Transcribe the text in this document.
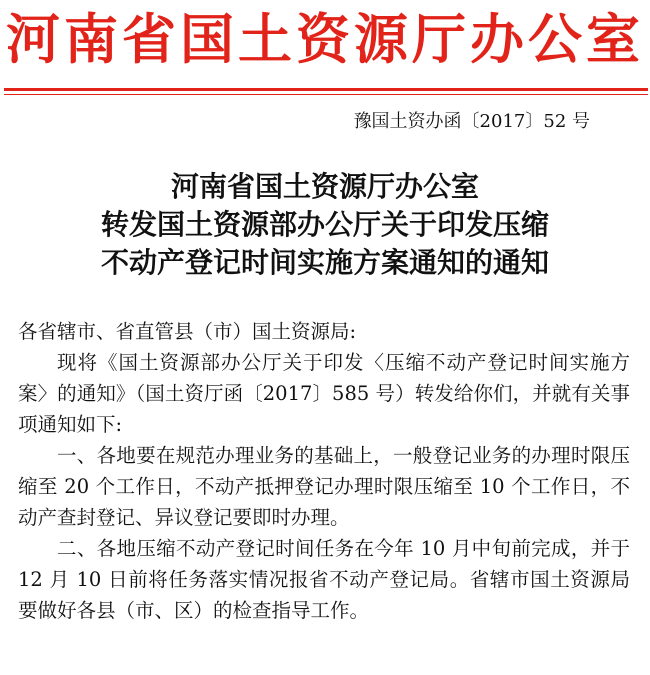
河南省国土资源厅办公室
豫国土资办函〔2017〕52 号
河南省国土资源厅办公室
转发国土资源部办公厅关于印发压缩
不动产登记时间实施方案通知的通知

各省辖市、省直管县（市）国土资源局:

现将《国土资源部办公厅关于印发〈压缩不动产登记时间实施方案〉的通知》（国土资厅函〔2017〕585 号）转发给你们，并就有关事项通知如下:

一、各地要在规范办理业务的基础上，一般登记业务的办理时限压缩至 20 个工作日，不动产抵押登记办理时限压缩至 10 个工作日，不动产查封登记、异议登记要即时办理。

二、各地压缩不动产登记时间任务在今年 10 月中旬前完成，并于 12 月 10 日前将任务落实情况报省不动产登记局。省辖市国土资源局要做好各县（市、区）的检查指导工作。
